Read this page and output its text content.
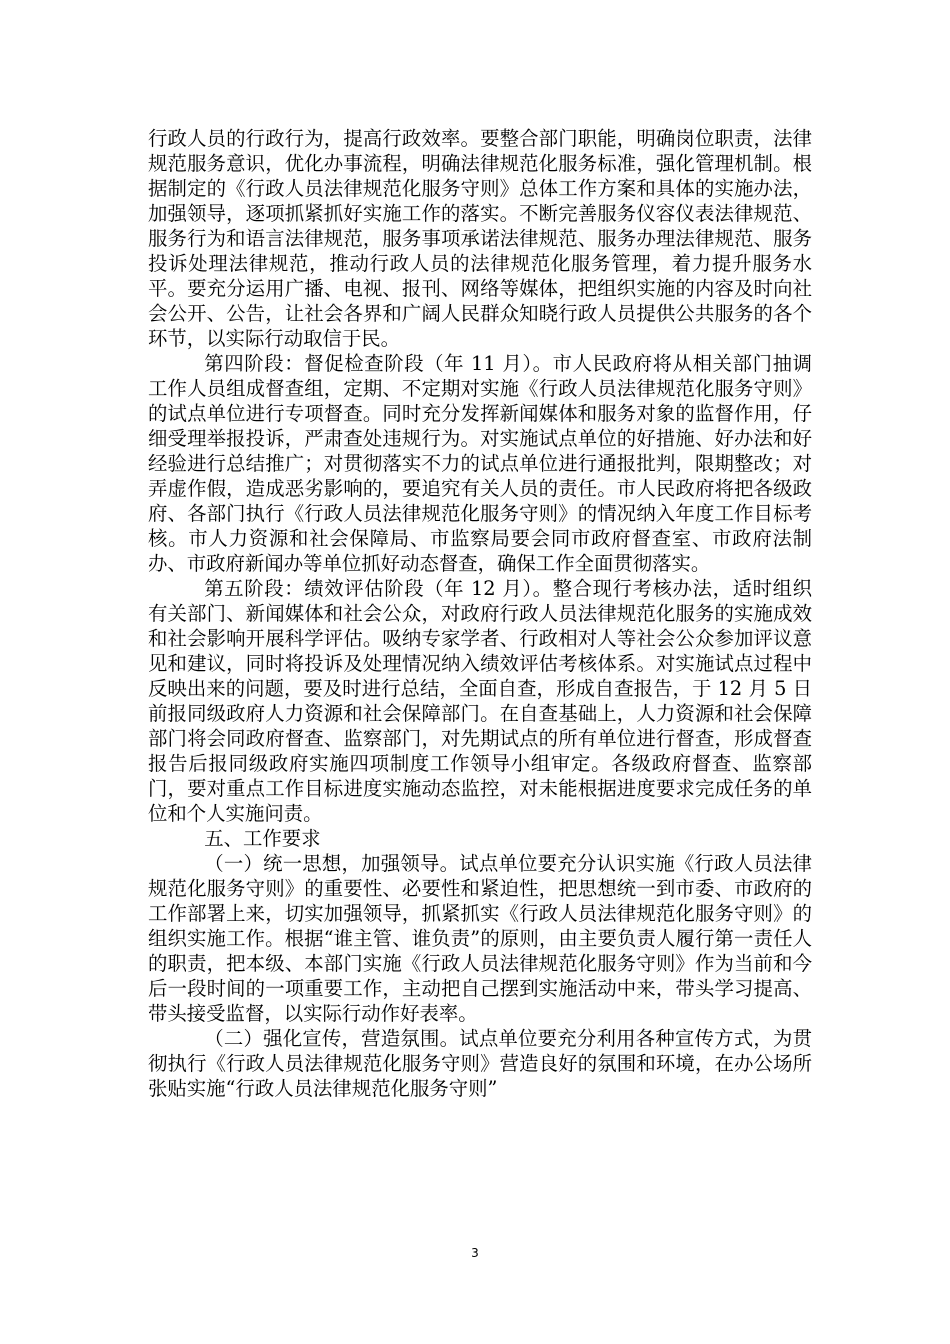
行政人员的行政行为，提高行政效率。要整合部门职能，明确岗位职责，法律规范服务意识，优化办事流程，明确法律规范化服务标准，强化管理机制。根据制定的《行政人员法律规范化服务守则》总体工作方案和具体的实施办法，加强领导，逐项抓紧抓好实施工作的落实。不断完善服务仪容仪表法律规范、服务行为和语言法律规范，服务事项承诺法律规范、服务办理法律规范、服务投诉处理法律规范，推动行政人员的法律规范化服务管理，着力提升服务水平。要充分运用广播、电视、报刊、网络等媒体，把组织实施的内容及时向社会公开、公告，让社会各界和广阔人民群众知晓行政人员提供公共服务的各个环节，以实际行动取信于民。

第四阶段：督促检查阶段（年 11 月）。市人民政府将从相关部门抽调工作人员组成督查组，定期、不定期对实施《行政人员法律规范化服务守则》的试点单位进行专项督查。同时充分发挥新闻媒体和服务对象的监督作用，仔细受理举报投诉，严肃查处违规行为。对实施试点单位的好措施、好办法和好经验进行总结推广；对贯彻落实不力的试点单位进行通报批判，限期整改；对弄虚作假，造成恶劣影响的，要追究有关人员的责任。市人民政府将把各级政府、各部门执行《行政人员法律规范化服务守则》的情况纳入年度工作目标考核。市人力资源和社会保障局、市监察局要会同市政府督查室、市政府法制办、市政府新闻办等单位抓好动态督查，确保工作全面贯彻落实。

第五阶段：绩效评估阶段（年 12 月）。整合现行考核办法，适时组织有关部门、新闻媒体和社会公众，对政府行政人员法律规范化服务的实施成效和社会影响开展科学评估。吸纳专家学者、行政相对人等社会公众参加评议意见和建议，同时将投诉及处理情况纳入绩效评估考核体系。对实施试点过程中反映出来的问题，要及时进行总结，全面自查，形成自查报告，于 12 月 5 日前报同级政府人力资源和社会保障部门。在自查基础上，人力资源和社会保障部门将会同政府督查、监察部门，对先期试点的所有单位进行督查，形成督查报告后报同级政府实施四项制度工作领导小组审定。各级政府督查、监察部门，要对重点工作目标进度实施动态监控，对未能根据进度要求完成任务的单位和个人实施问责。

五、工作要求

（一）统一思想，加强领导。试点单位要充分认识实施《行政人员法律规范化服务守则》的重要性、必要性和紧迫性，把思想统一到市委、市政府的工作部署上来，切实加强领导，抓紧抓实《行政人员法律规范化服务守则》的组织实施工作。根据“谁主管、谁负责”的原则，由主要负责人履行第一责任人的职责，把本级、本部门实施《行政人员法律规范化服务守则》作为当前和今后一段时间的一项重要工作，主动把自己摆到实施活动中来，带头学习提高、带头接受监督，以实际行动作好表率。

（二）强化宣传，营造氛围。试点单位要充分利用各种宣传方式，为贯彻执行《行政人员法律规范化服务守则》营造良好的氛围和环境，在办公场所张贴实施“行政人员法律规范化服务守则”

3
